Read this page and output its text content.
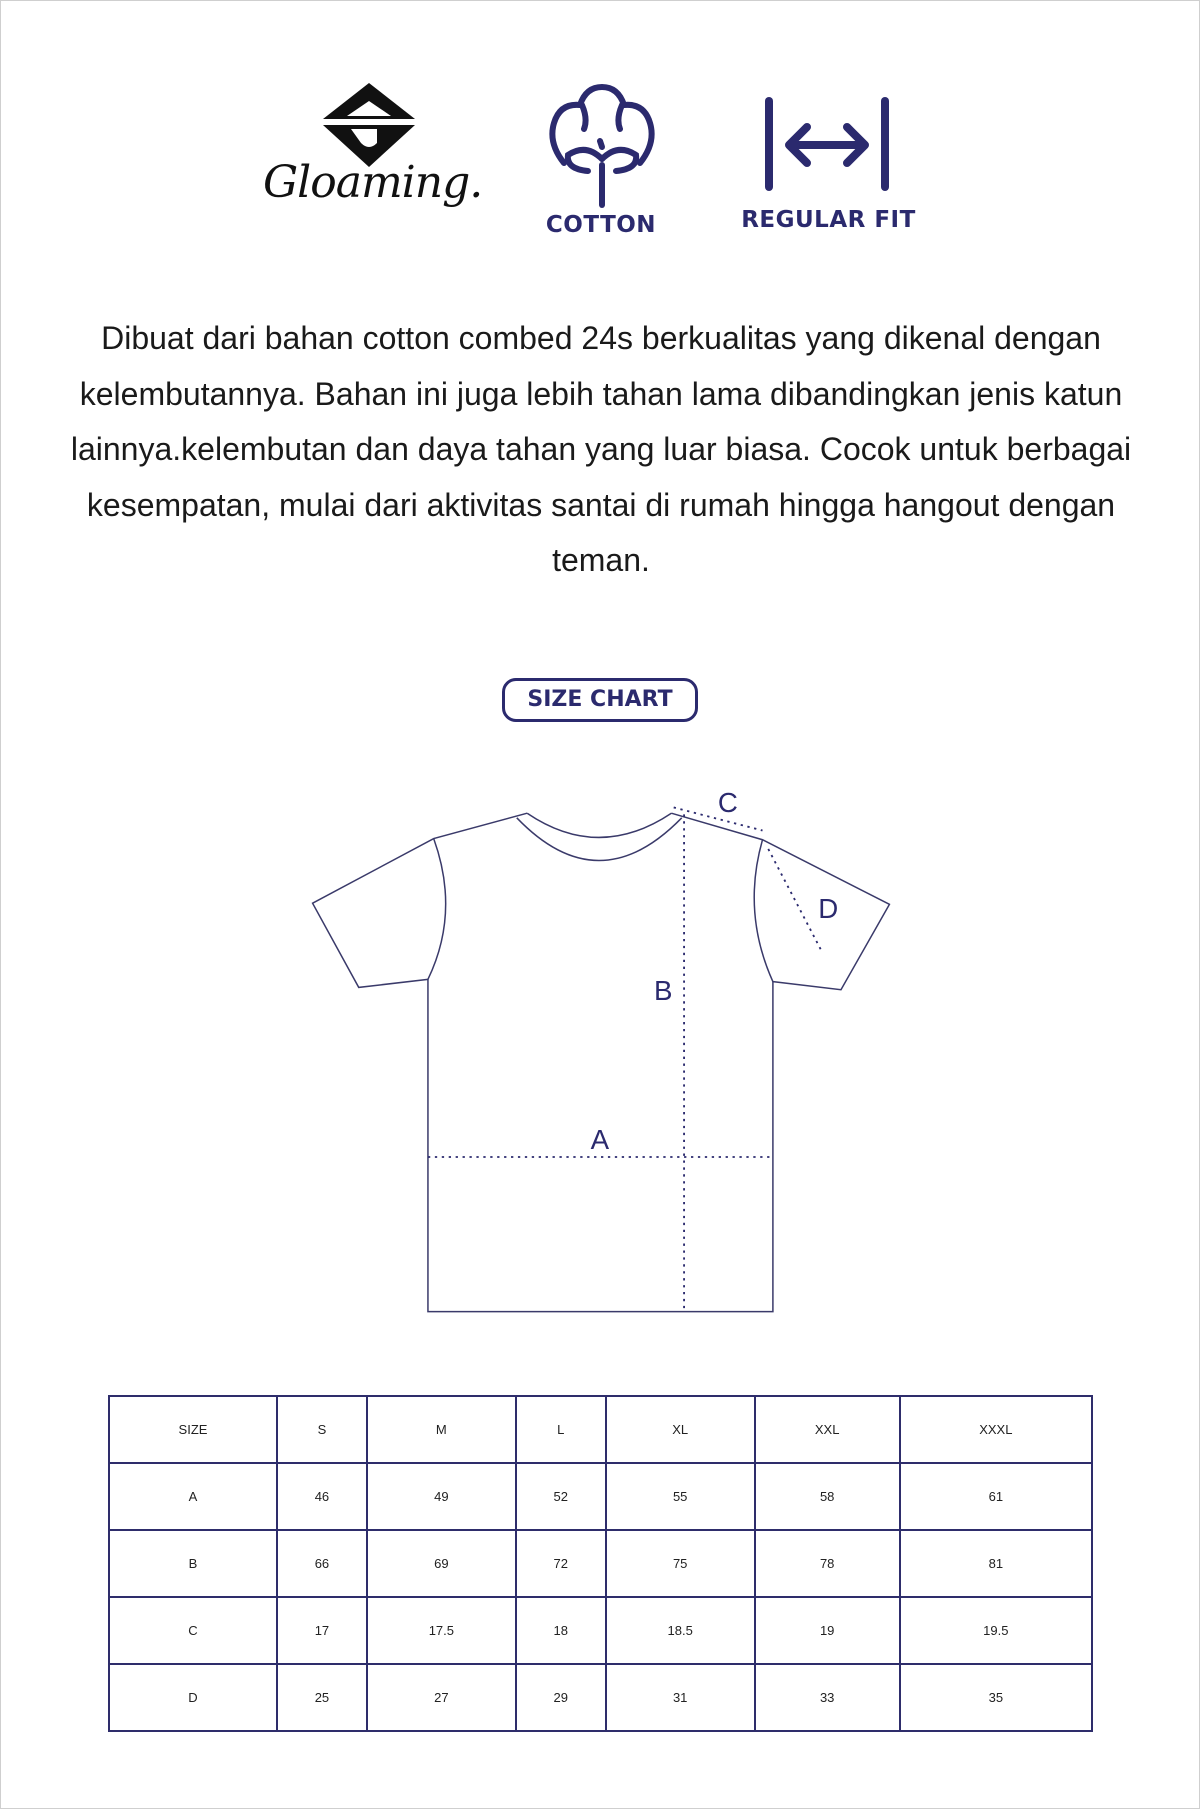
Gloaming.
COTTON	REGULAR FIT
Dibuat dari bahan cotton combed 24s berkualitas yang dikenal dengan kelembutannya. Bahan ini juga lebih tahan lama dibandingkan jenis katun lainnya.kelembutan dan daya tahan yang luar biasa. Cocok untuk berbagai kesempatan, mulai dari aktivitas santai di rumah hingga hangout dengan teman.
SIZE CHART
C
D
B
A
SIZE	S	M	L	XL	XXL	XXXL
A	46	49	52	55	58	61
B	66	69	72	75	78	81
C	17	17.5	18	18.5	19	19.5
D	25	27	29	31	33	35
